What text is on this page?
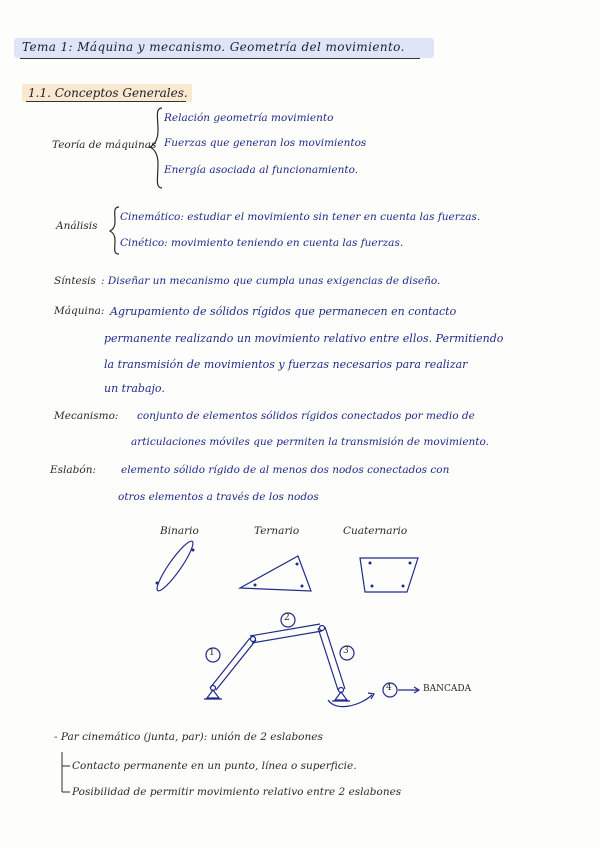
Tema 1: Máquina y mecanismo. Geometría del movimiento.
1.1. Conceptos Generales.
Teoría de máquinas
Relación geometría movimiento
Fuerzas que generan los movimientos
Energía asociada al funcionamiento.
Análisis
Cinemático: estudiar el movimiento sin tener en cuenta las fuerzas.
Cinético: movimiento teniendo en cuenta las fuerzas.
Síntesis : Diseñar un mecanismo que cumpla unas exigencias de diseño.
Máquina: Agrupamiento de sólidos rígidos que permanecen en contacto
permanente realizando un movimiento relativo entre ellos. Permitiendo
la transmisión de movimientos y fuerzas necesarios para realizar
un trabajo.
Mecanismo: conjunto de elementos sólidos rígidos conectados por medio de
articulaciones móviles que permiten la transmisión de movimiento.
Eslabón: elemento sólido rígido de al menos dos nodos conectados con
otros elementos a través de los nodos
Binario	Ternario	Cuaternario
- Par cinemático (junta, par): unión de 2 eslabones
Contacto permanente en un punto, línea o superficie.
Posibilidad de permitir movimiento relativo entre 2 eslabones
1
2
3
4	BANCADA
